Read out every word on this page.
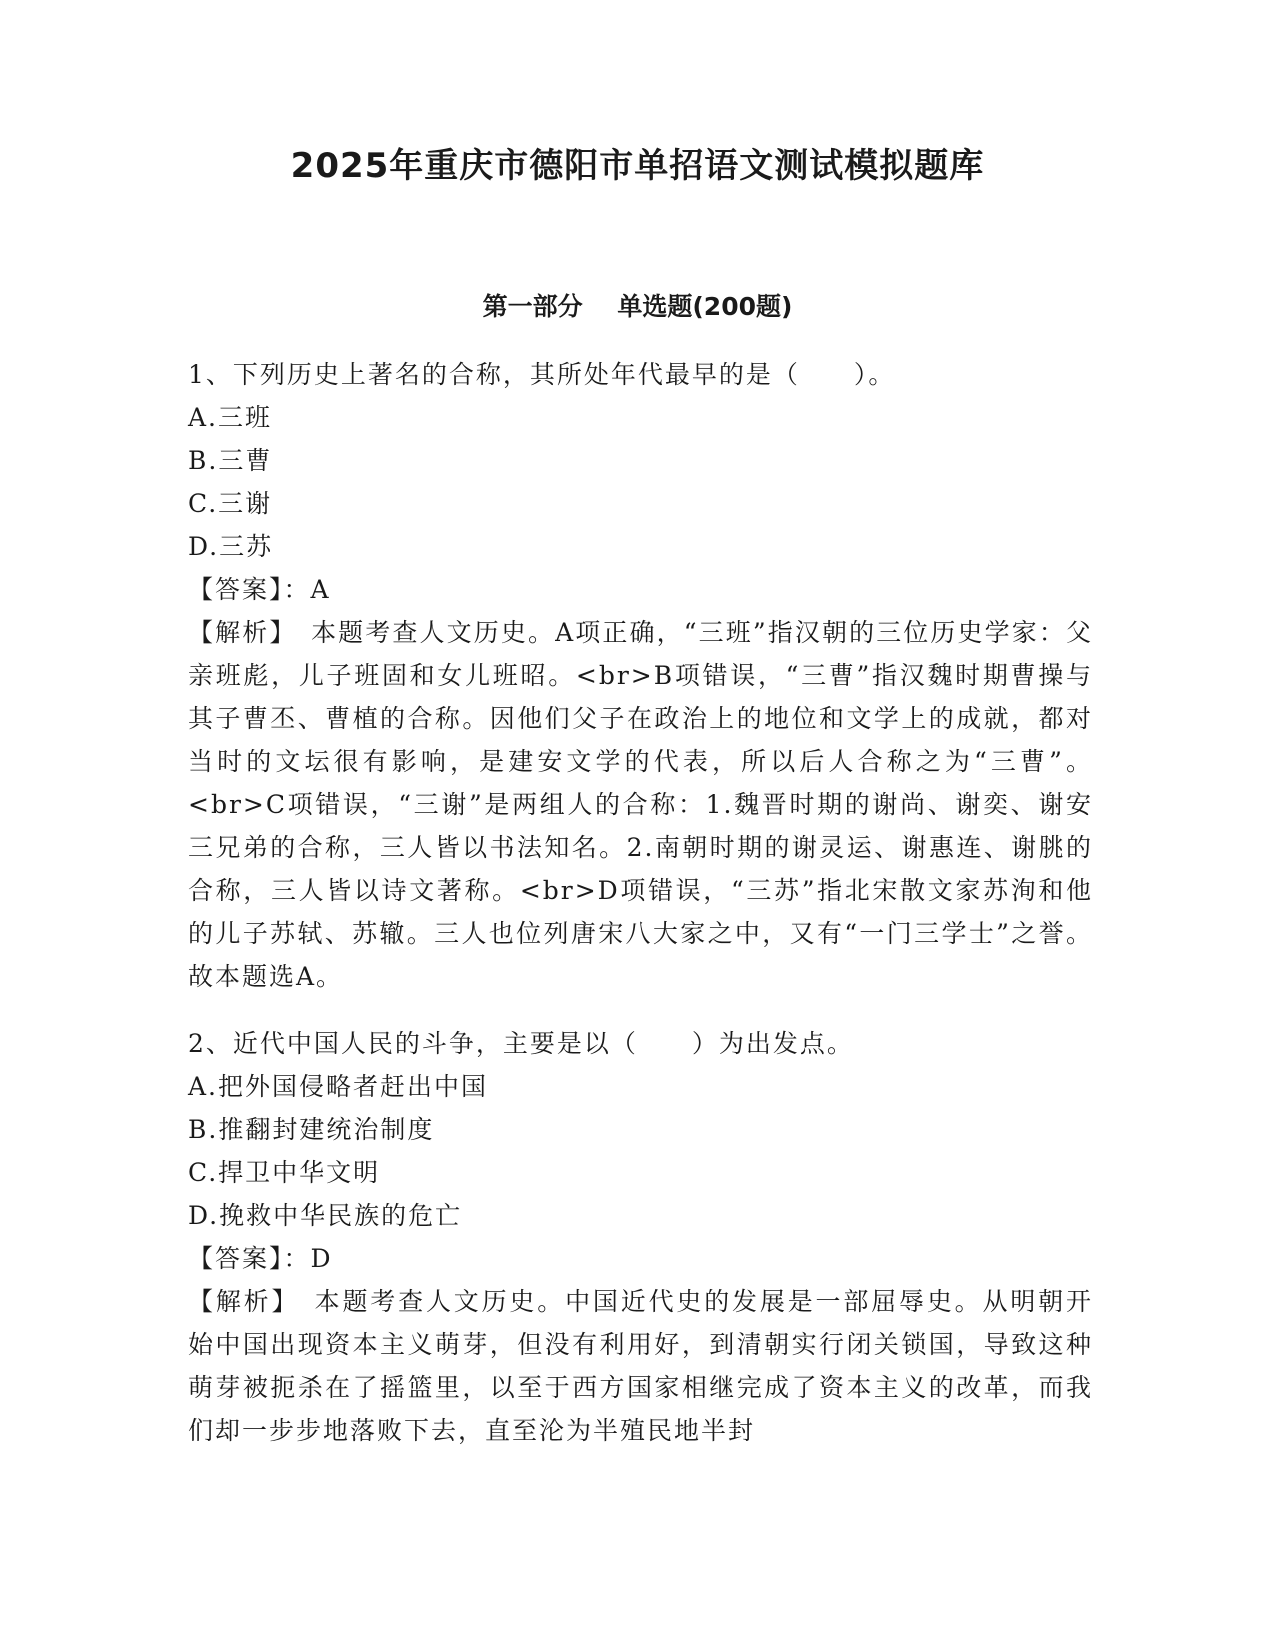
2025年重庆市德阳市单招语文测试模拟题库
第一部分    单选题(200题)

1、下列历史上著名的合称，其所处年代最早的是（　　）。

A.三班

B.三曹

C.三谢

D.三苏

【答案】：A

【解析】　本题考查人文历史。A项正确，“三班”指汉朝的三位历史学家：父亲班彪，儿子班固和女儿班昭。<br>B项错误，“三曹”指汉魏时期曹操与其子曹丕、曹植的合称。因他们父子在政治上的地位和文学上的成就，都对当时的文坛很有影响，是建安文学的代表，所以后人合称之为“三曹”。<br>C项错误，“三谢”是两组人的合称：1.魏晋时期的谢尚、谢奕、谢安三兄弟的合称，三人皆以书法知名。2.南朝时期的谢灵运、谢惠连、谢朓的合称，三人皆以诗文著称。<br>D项错误，“三苏”指北宋散文家苏洵和他的儿子苏轼、苏辙。三人也位列唐宋八大家之中，又有“一门三学士”之誉。故本题选A。

2、近代中国人民的斗争，主要是以（　　）为出发点。

A.把外国侵略者赶出中国

B.推翻封建统治制度

C.捍卫中华文明

D.挽救中华民族的危亡

【答案】：D

【解析】　本题考查人文历史。中国近代史的发展是一部屈辱史。从明朝开始中国出现资本主义萌芽，但没有利用好，到清朝实行闭关锁国，导致这种萌芽被扼杀在了摇篮里，以至于西方国家相继完成了资本主义的改革，而我们却一步步地落败下去，直至沦为半殖民地半封
